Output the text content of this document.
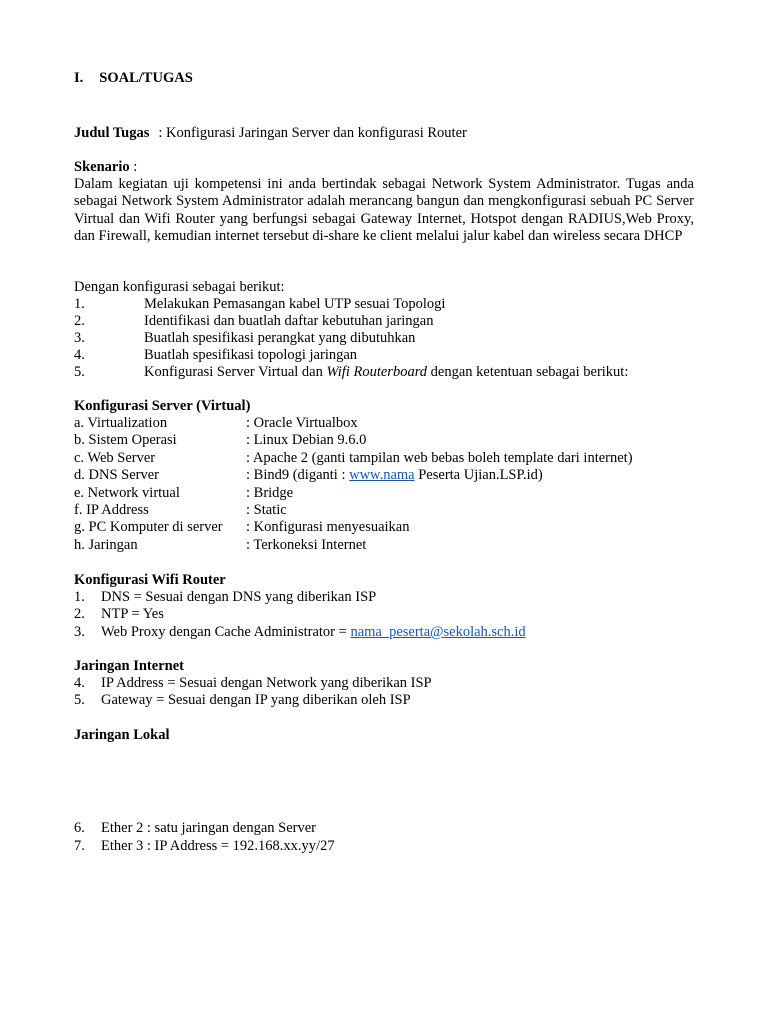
I. SOAL/TUGAS
Judul Tugas : Konfigurasi Jaringan Server dan konfigurasi Router
Skenario :
Dalam kegiatan uji kompetensi ini anda bertindak sebagai Network System Administrator. Tugas anda sebagai Network System Administrator adalah merancang bangun dan mengkonfigurasi sebuah PC Server Virtual dan Wifi Router yang berfungsi sebagai Gateway Internet, Hotspot dengan RADIUS,Web Proxy, dan Firewall, kemudian internet tersebut di-share ke client melalui jalur kabel dan wireless secara DHCP
Dengan konfigurasi sebagai berikut:
1.	Melakukan Pemasangan kabel UTP sesuai Topologi
2.	Identifikasi dan buatlah daftar kebutuhan jaringan
3.	Buatlah spesifikasi perangkat yang dibutuhkan
4.	Buatlah spesifikasi topologi jaringan
5.	Konfigurasi Server Virtual dan Wifi Routerboard dengan ketentuan sebagai berikut:
Konfigurasi Server (Virtual)
a. Virtualization	: Oracle Virtualbox
b. Sistem Operasi	: Linux Debian 9.6.0
c. Web Server	: Apache 2 (ganti tampilan web bebas boleh template dari internet)
d. DNS Server	: Bind9 (diganti : www.nama Peserta Ujian.LSP.id)
e. Network virtual	: Bridge
f. IP Address	: Static
g. PC Komputer di server : Konfigurasi menyesuaikan
h. Jaringan	: Terkoneksi Internet
Konfigurasi Wifi Router
1. DNS = Sesuai dengan DNS yang diberikan ISP
2. NTP = Yes
3. Web Proxy dengan Cache Administrator = nama_peserta@sekolah.sch.id
Jaringan Internet
4. IP Address = Sesuai dengan Network yang diberikan ISP
5. Gateway = Sesuai dengan IP yang diberikan oleh ISP
Jaringan Lokal
6. Ether 2 : satu jaringan dengan Server
7. Ether 3 : IP Address = 192.168.xx.yy/27
